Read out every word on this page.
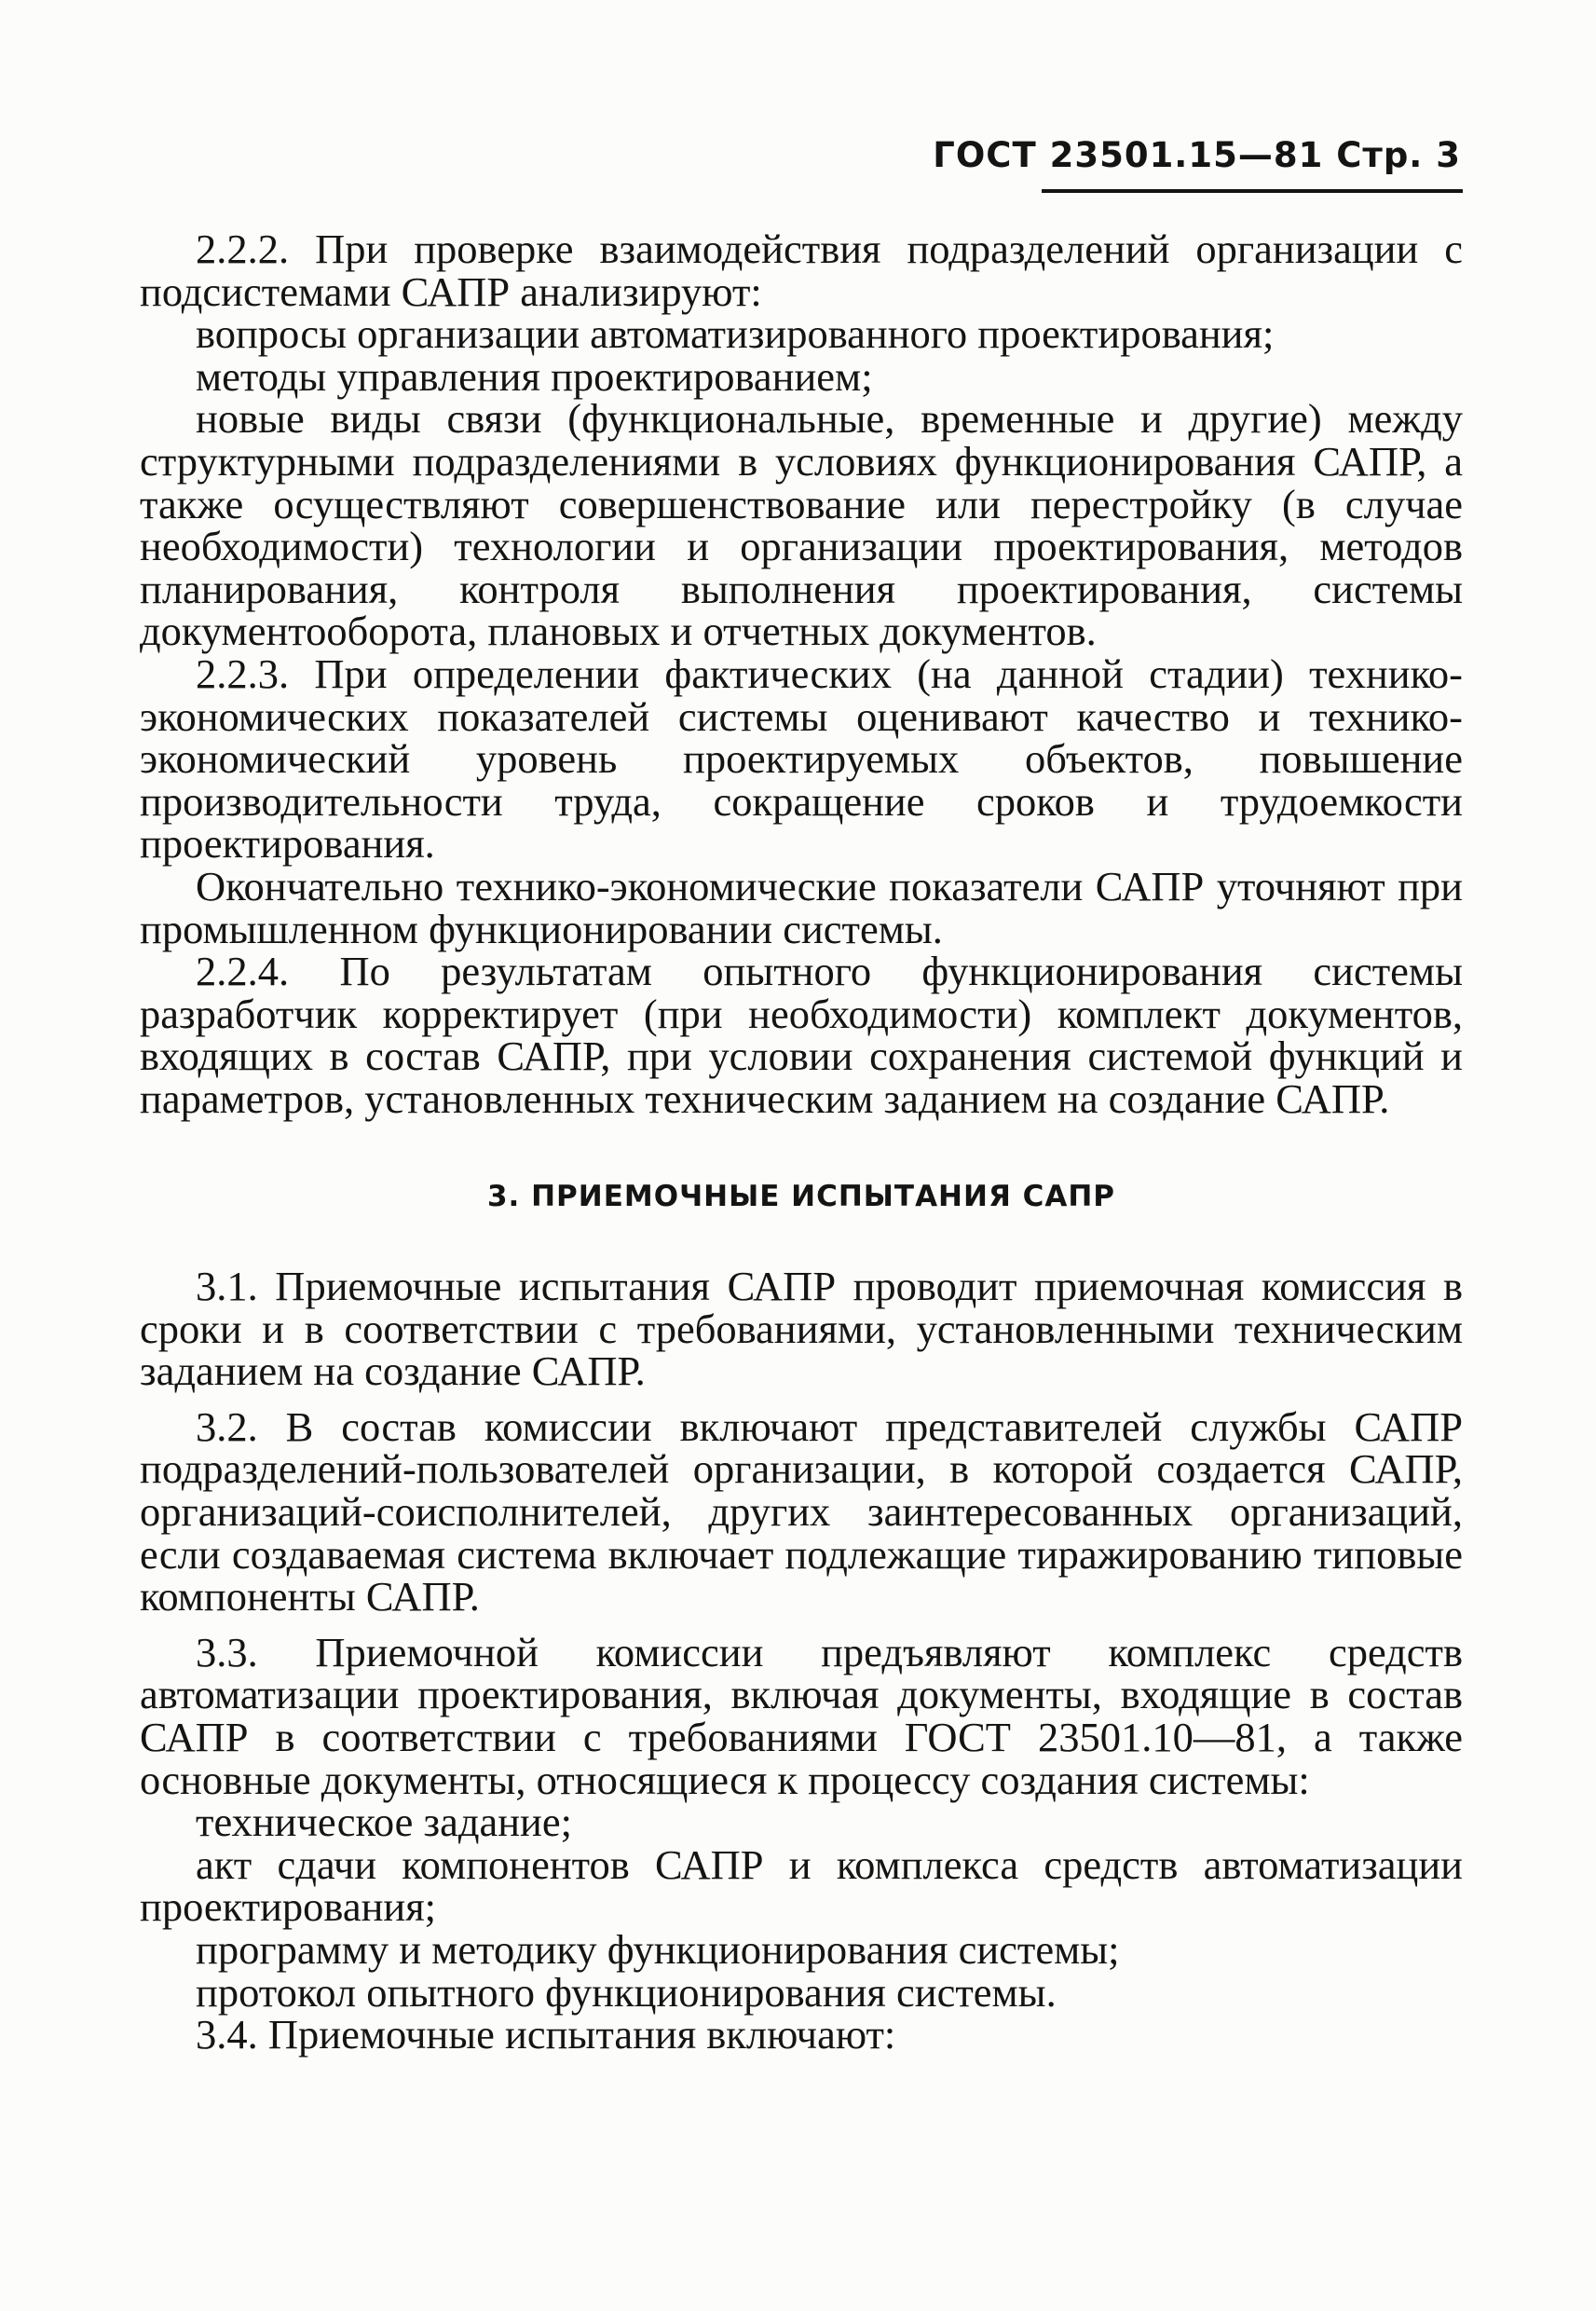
ГОСТ 23501.15—81 Стр. 3

2.2.2. При проверке взаимодействия подразделений организации с подсистемами САПР анализируют:

вопросы организации автоматизированного проектирования;

методы управления проектированием;

новые виды связи (функциональные, временные и другие) между структурными подразделениями в условиях функционирования САПР, а также осуществляют совершенствование или перестройку (в случае необходимости) технологии и организации проектирования, методов планирования, контроля выполнения проектирования, системы документооборота, плановых и отчетных документов.

2.2.3. При определении фактических (на данной стадии) технико-экономических показателей системы оценивают качество и технико-экономический уровень проектируемых объектов, повышение производительности труда, сокращение сроков и трудоемкости проектирования.

Окончательно технико-экономические показатели САПР уточняют при промышленном функционировании системы.

2.2.4. По результатам опытного функционирования системы разработчик корректирует (при необходимости) комплект документов, входящих в состав САПР, при условии сохранения системой функций и параметров, установленных техническим заданием на создание САПР.

3. ПРИЕМОЧНЫЕ ИСПЫТАНИЯ САПР

3.1. Приемочные испытания САПР проводит приемочная комиссия в сроки и в соответствии с требованиями, установленными техническим заданием на создание САПР.

3.2. В состав комиссии включают представителей службы САПР подразделений-пользователей организации, в которой создается САПР, организаций-соисполнителей, других заинтересованных организаций, если создаваемая система включает подлежащие тиражированию типовые компоненты САПР.

3.3. Приемочной комиссии предъявляют комплекс средств автоматизации проектирования, включая документы, входящие в состав САПР в соответствии с требованиями ГОСТ 23501.10—81, а также основные документы, относящиеся к процессу создания системы:

техническое задание;

акт сдачи компонентов САПР и комплекса средств автоматизации проектирования;

программу и методику функционирования системы;

протокол опытного функционирования системы.

3.4. Приемочные испытания включают:
